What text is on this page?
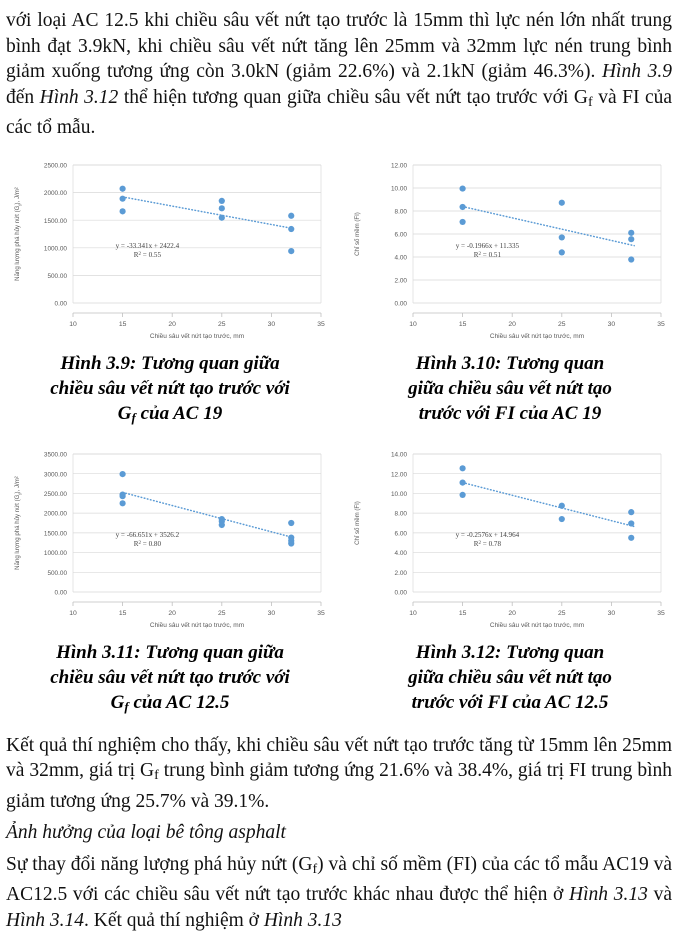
với loại AC 12.5 khi chiều sâu vết nứt tạo trước là 15mm thì lực nén lớn nhất trung bình đạt 3.9kN, khi chiều sâu vết nứt tăng lên 25mm và 32mm lực nén trung bình giảm xuống tương ứng còn 3.0kN (giảm 22.6%) và 2.1kN (giảm 46.3%). Hình 3.9 đến Hình 3.12 thể hiện tương quan giữa chiều sâu vết nứt tạo trước với $G_f$ và FI của các tổ mẫu.

0.00
500.00
1000.00
1500.00
2000.00
2500.00
10	15	20	25	30	35
Chiều sâu vết nứt tạo trước, mm
Năng lượng phá hủy nứt $(G_f)$, J/m²
y = -33.341x + 2422.4
$R^2 = 0.55$
0.00
2.00
4.00
6.00
8.00
10.00
12.00
10	15	20	25	30	35
Chiều sâu vết nứt tạo trước, mm
Chỉ số mềm (FI)	y = -0.1966x + 11.335
$R^2 = 0.51$
Hình 3.9: Tương quan giữa
chiều sâu vết nứt tạo trước với
$G_f$ của AC 19
Hình 3.10: Tương quan
giữa chiều sâu vết nứt tạo
trước với FI của AC 19
0.00
500.00
1000.00
1500.00
2000.00
2500.00
3000.00
3500.00
10	15	20	25	30	35
Chiều sâu vết nứt tạo trước, mm
Năng lượng phá hủy nứt $(G_f)$, J/m²
y = -66.651x + 3526.2
$R^2 = 0.80$
0.00
2.00
4.00
6.00
8.00
10.00
12.00
14.00
10	15	20	25	30	35
Chiều sâu vết nứt tạo trước, mm
Chỉ số mềm (FI)	y = -0.2576x + 14.964
$R^2 = 0.78$
Hình 3.11: Tương quan giữa
chiều sâu vết nứt tạo trước với
$G_f$ của AC 12.5
Hình 3.12: Tương quan
giữa chiều sâu vết nứt tạo
trước với FI của AC 12.5

Kết quả thí nghiệm cho thấy, khi chiều sâu vết nứt tạo trước tăng từ 15mm lên 25mm và 32mm, giá trị $G_f$ trung bình giảm tương ứng 21.6% và 38.4%, giá trị FI trung bình giảm tương ứng 25.7% và 39.1%.

Ảnh hưởng của loại bê tông asphalt

Sự thay đổi năng lượng phá hủy nứt $(G_f)$ và chỉ số mềm (FI) của các tổ mẫu AC19 và AC12.5 với các chiều sâu vết nứt tạo trước khác nhau được thể hiện ở Hình 3.13 và Hình 3.14. Kết quả thí nghiệm ở Hình 3.13
